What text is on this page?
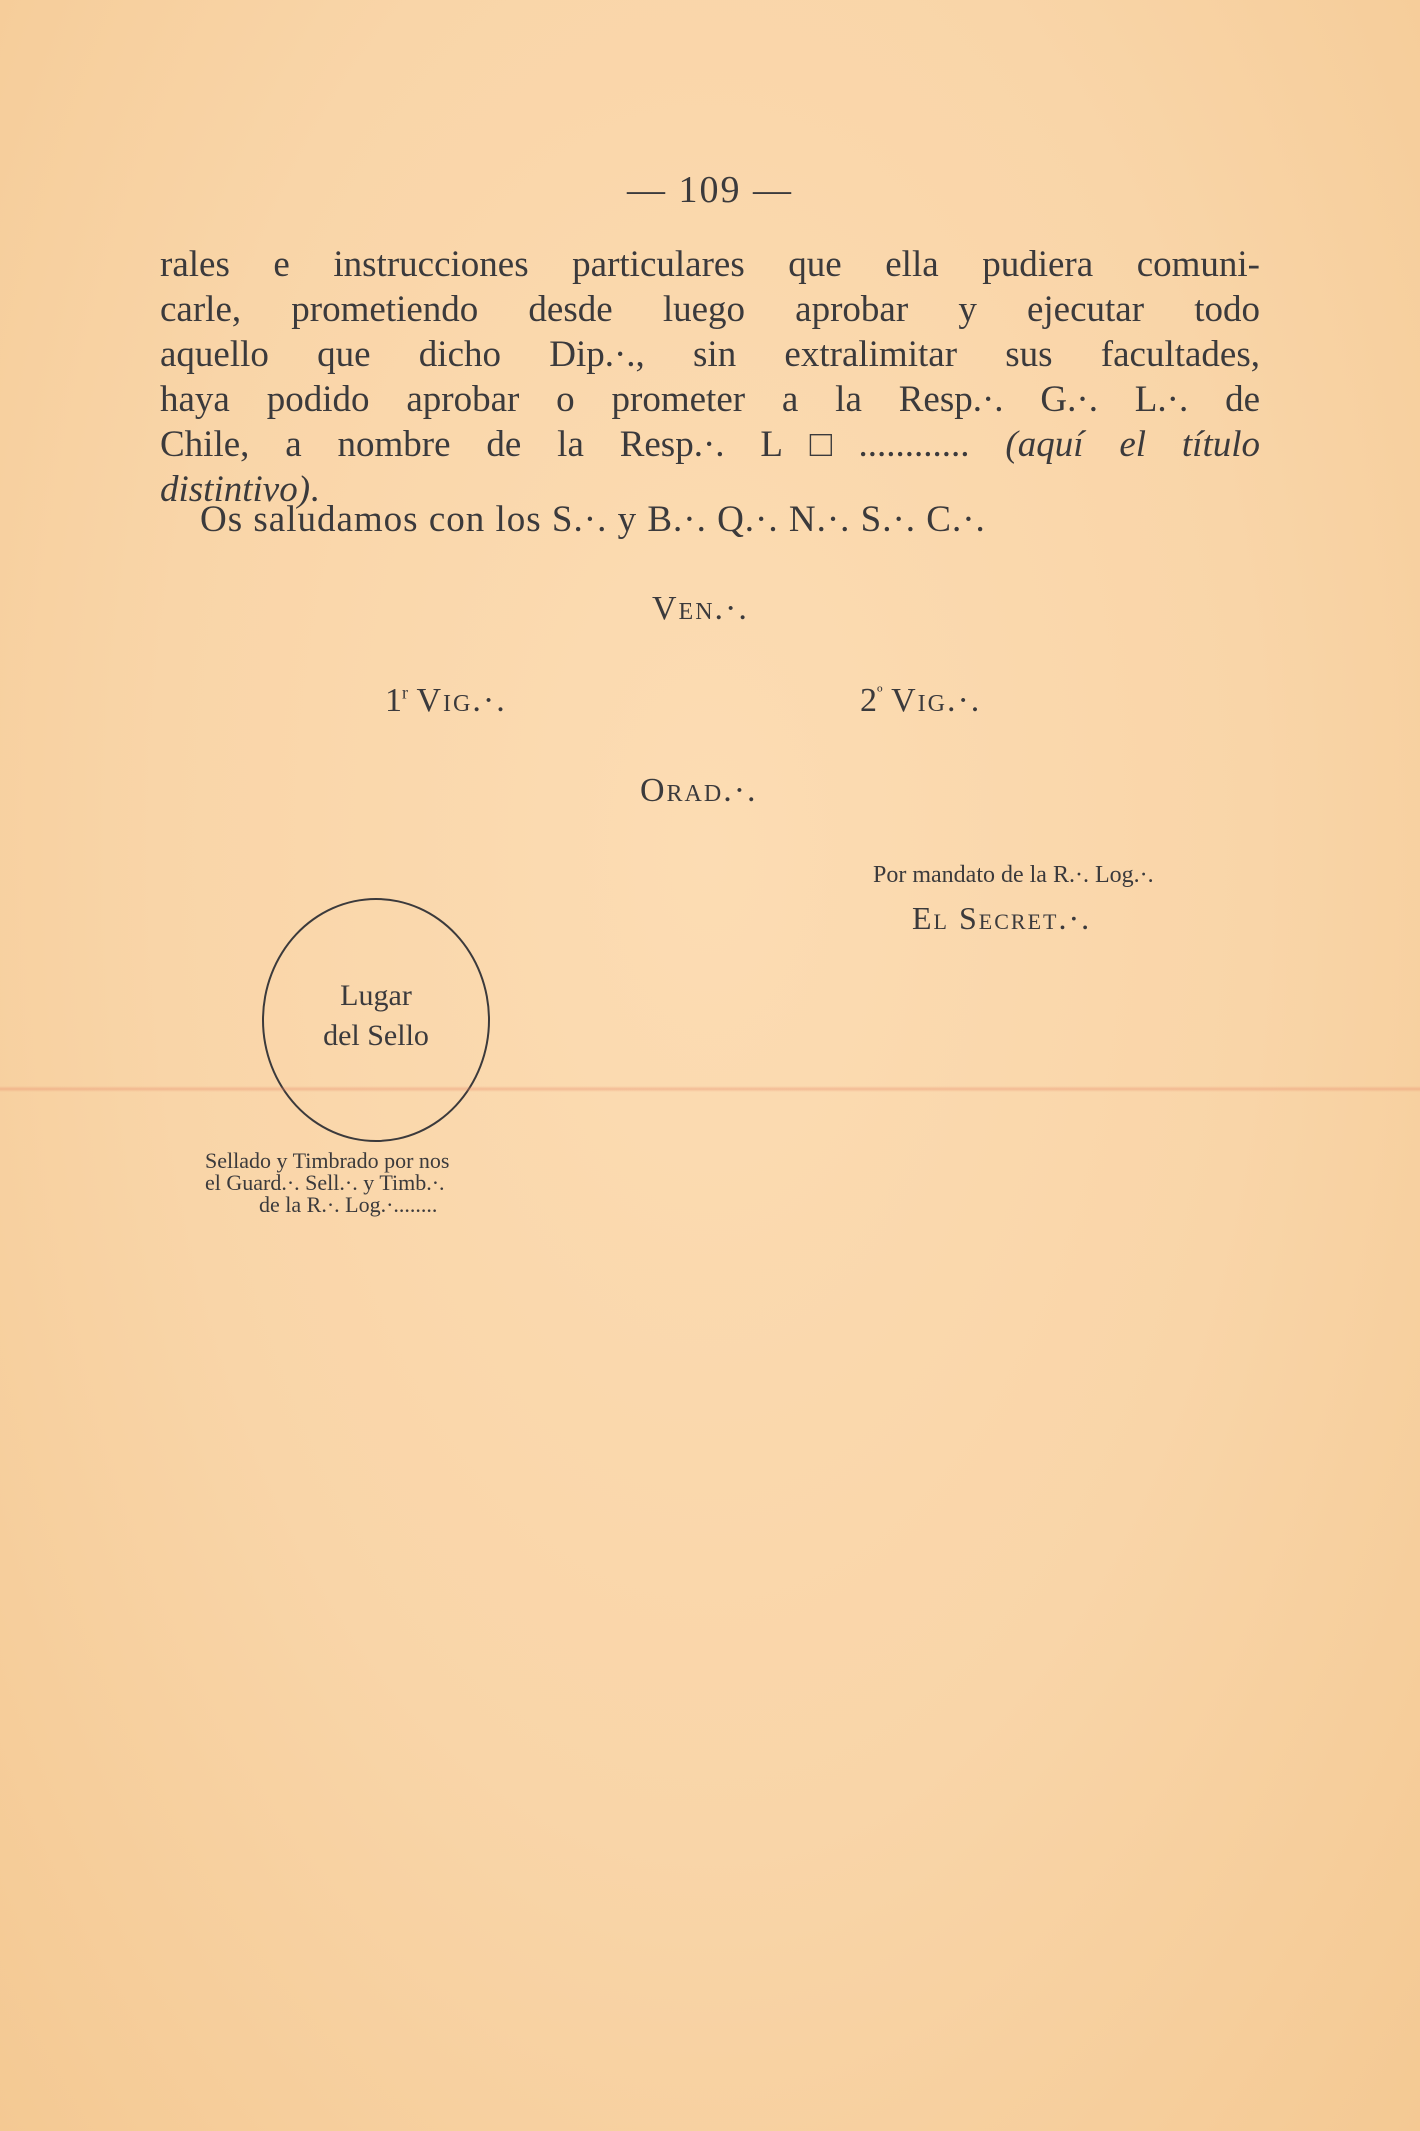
— 109 —
rales e instrucciones particulares que ella pudiera comuni-
carle, prometiendo desde luego aprobar y ejecutar todo
aquello que dicho Dip.·., sin extralimitar sus facultades,
haya podido aprobar o prometer a la Resp.·. G.·. L.·. de
Chile, a nombre de la Resp.·. L□............ (aquí el título
distintivo).
Os saludamos con los S.·. y B.·. Q.·. N.·. S.·. C.·.
Ven.·.
1$^r$ Vig.·.	$2^º$ Vig.·.
Orad.·.
Por mandato de la R.·. Log.·.
El Secret.·.
Lugar
del Sello
Sellado y Timbrado por nos
el Guard.·. Sell.·. y Timb.·.
de la R.·. Log.·........
